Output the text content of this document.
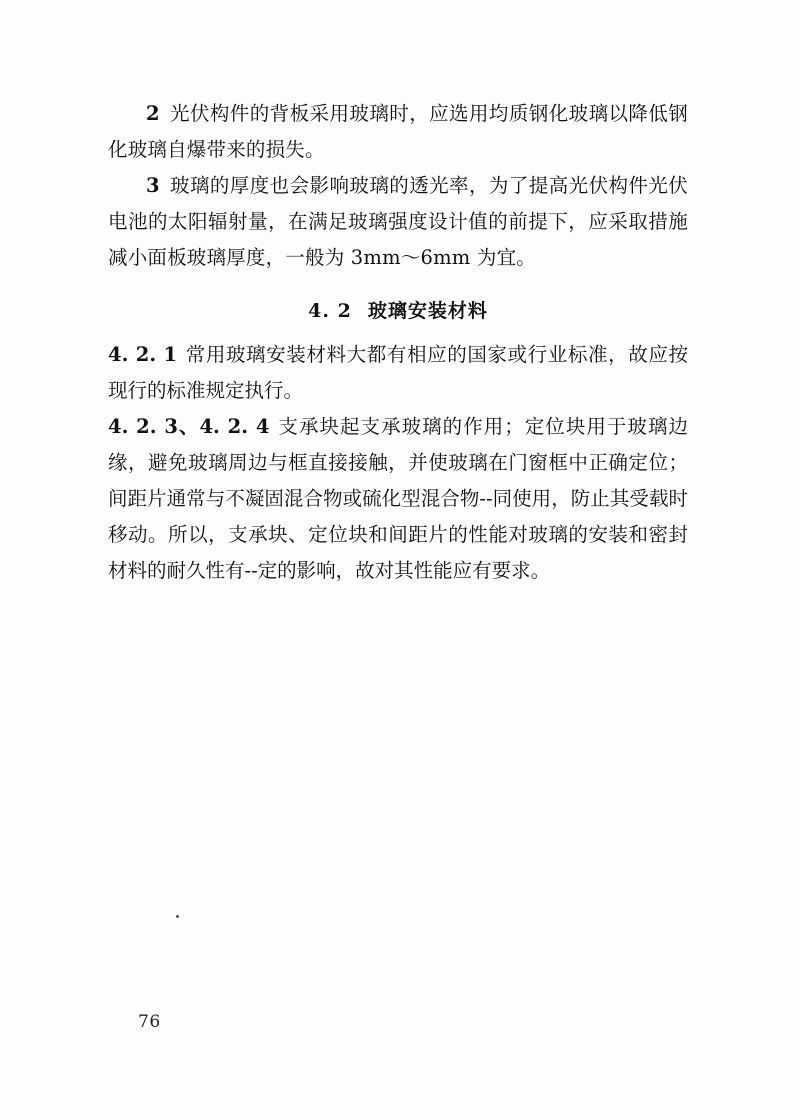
2 光伏构件的背板采用玻璃时，应选用均质钢化玻璃以降低钢化玻璃自爆带来的损失。
3 玻璃的厚度也会影响玻璃的透光率，为了提高光伏构件光伏电池的太阳辐射量，在满足玻璃强度设计值的前提下，应采取措施减小面板玻璃厚度，一般为 3mm～6mm 为宜。
4. 2 玻璃安装材料
4. 2. 1 常用玻璃安装材料大都有相应的国家或行业标准，故应按现行的标准规定执行。
4. 2. 3、4. 2. 4 支承块起支承玻璃的作用；定位块用于玻璃边缘，避免玻璃周边与框直接接触，并使玻璃在门窗框中正确定位；间距片通常与不凝固混合物或硫化型混合物--同使用，防止其受载时移动。所以，支承块、定位块和间距片的性能对玻璃的安装和密封材料的耐久性有--定的影响，故对其性能应有要求。
76
